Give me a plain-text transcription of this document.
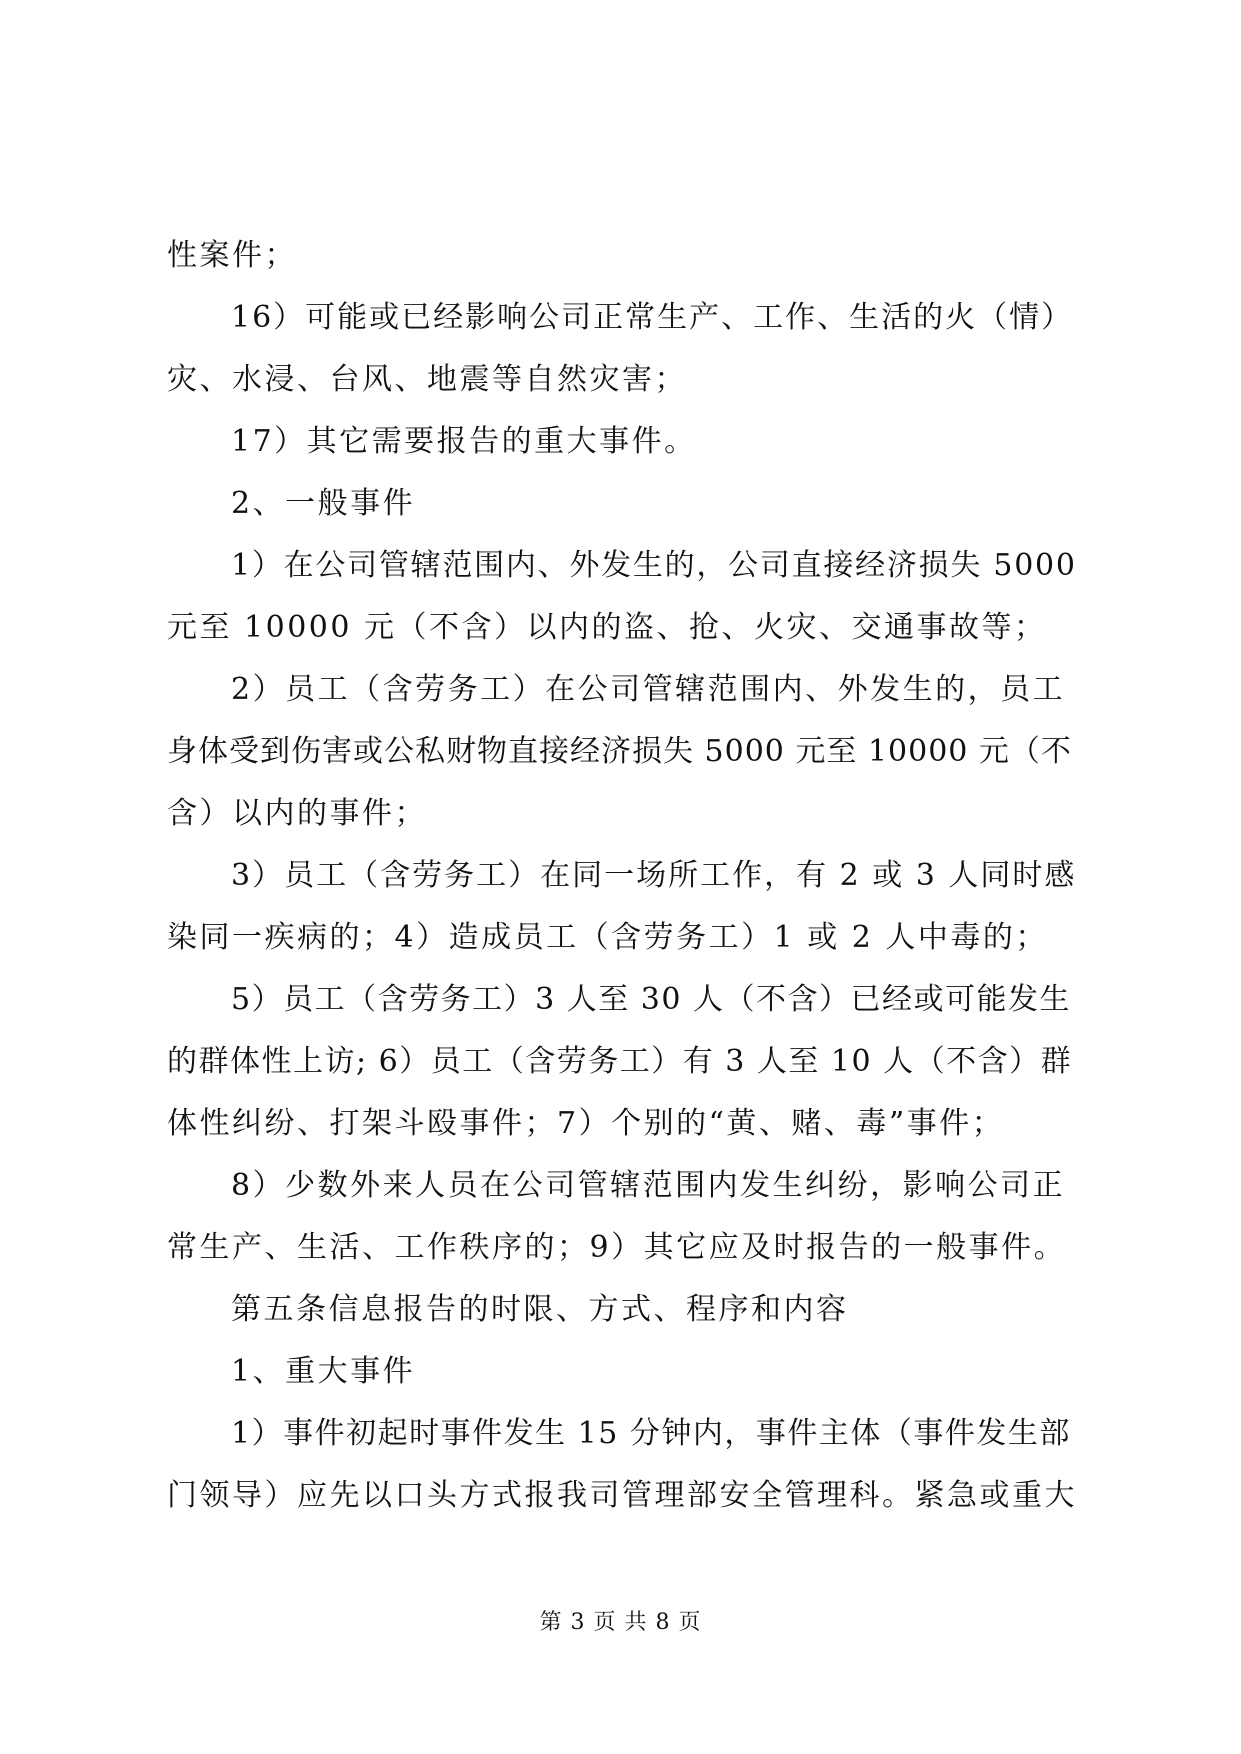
性案件；
16）可能或已经影响公司正常生产、工作、生活的火（情）
灾、水浸、台风、地震等自然灾害；
17）其它需要报告的重大事件。
2、一般事件
1）在公司管辖范围内、外发生的，公司直接经济损失 5000
元至 10000 元（不含）以内的盗、抢、火灾、交通事故等；
2）员工（含劳务工）在公司管辖范围内、外发生的，员工
身体受到伤害或公私财物直接经济损失 5000 元至 10000 元（不
含）以内的事件；
3）员工（含劳务工）在同一场所工作，有 2 或 3 人同时感
染同一疾病的；4）造成员工（含劳务工）1 或 2 人中毒的；
5）员工（含劳务工）3 人至 30 人（不含）已经或可能发生
的群体性上访; 6）员工（含劳务工）有 3 人至 10 人（不含）群
体性纠纷、打架斗殴事件；7）个别的“黄、赌、毒”事件；
8）少数外来人员在公司管辖范围内发生纠纷，影响公司正
常生产、生活、工作秩序的；9）其它应及时报告的一般事件。
第五条信息报告的时限、方式、程序和内容
1、重大事件
1）事件初起时事件发生 15 分钟内，事件主体（事件发生部
门领导）应先以口头方式报我司管理部安全管理科。紧急或重大
第 3 页 共 8 页
